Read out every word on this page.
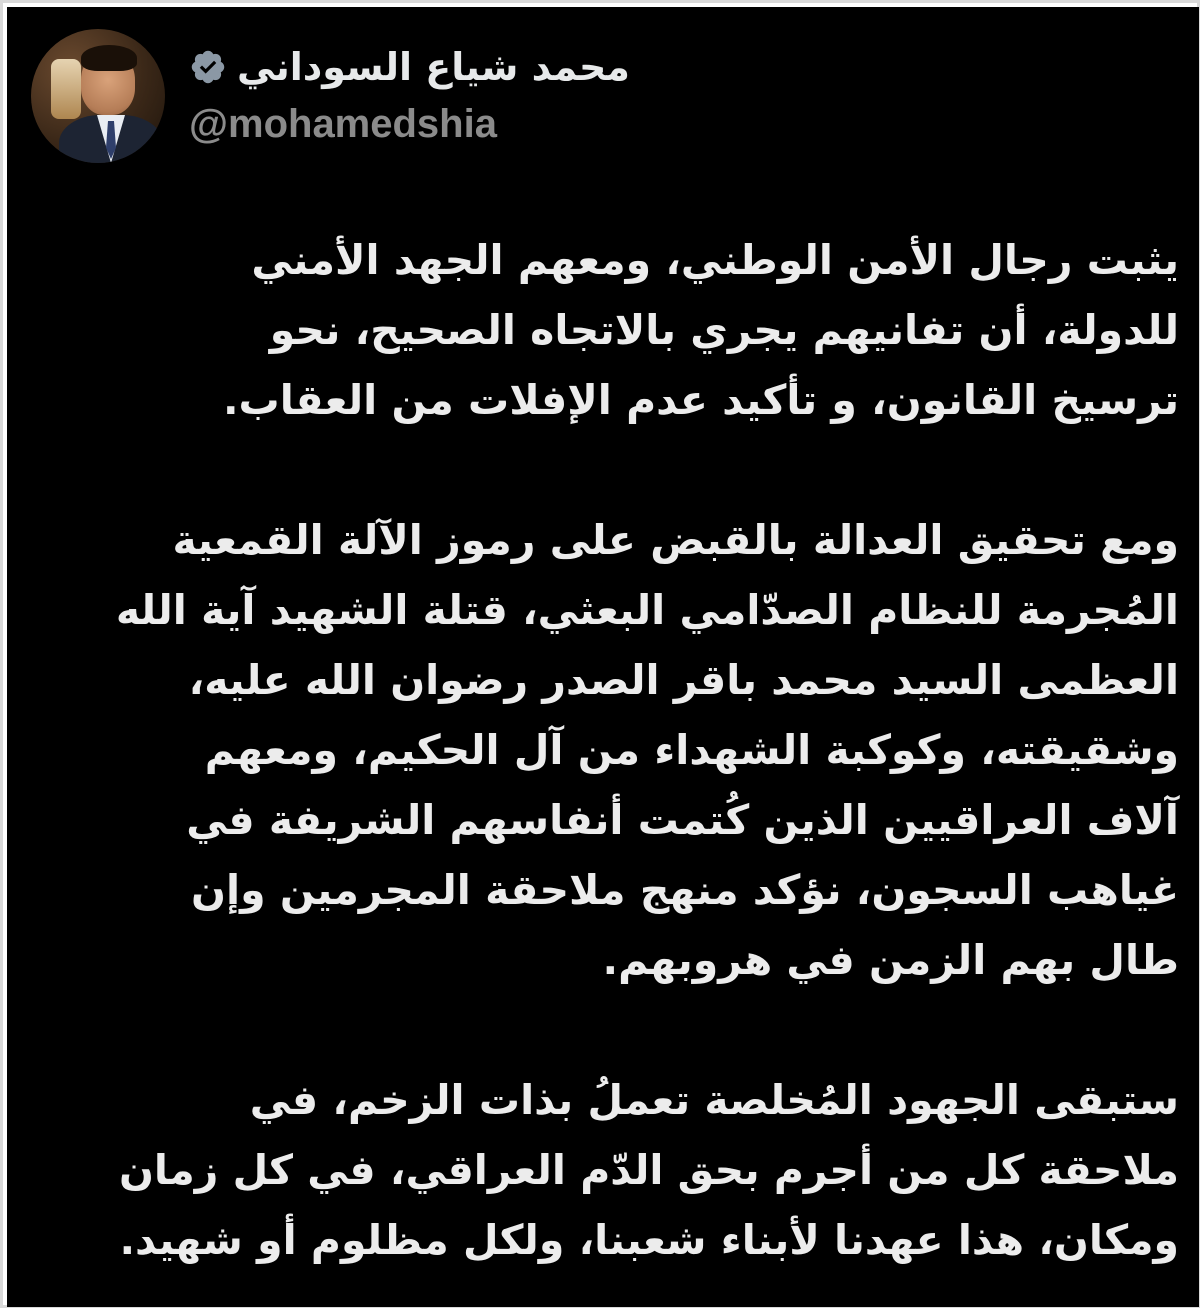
محمد شياع السوداني
@mohamedshia

يثبت رجال الأمن الوطني، ومعهم الجهد الأمني
للدولة، أن تفانيهم يجري بالاتجاه الصحيح، نحو
ترسيخ القانون، و تأكيد عدم الإفلات من العقاب.

ومع تحقيق العدالة بالقبض على رموز الآلة القمعية
المُجرمة للنظام الصدّامي البعثي، قتلة الشهيد آية الله
العظمى السيد محمد باقر الصدر رضوان الله عليه،
وشقيقته، وكوكبة الشهداء من آل الحكيم، ومعهم
آلاف العراقيين الذين كُتمت أنفاسهم الشريفة في
غياهب السجون، نؤكد منهج ملاحقة المجرمين وإن
طال بهم الزمن في هروبهم.

ستبقى الجهود المُخلصة تعملُ بذات الزخم، في
ملاحقة كل من أجرم بحق الدّم العراقي، في كل زمان
ومكان، هذا عهدنا لأبناء شعبنا، ولكل مظلوم أو شهيد.
